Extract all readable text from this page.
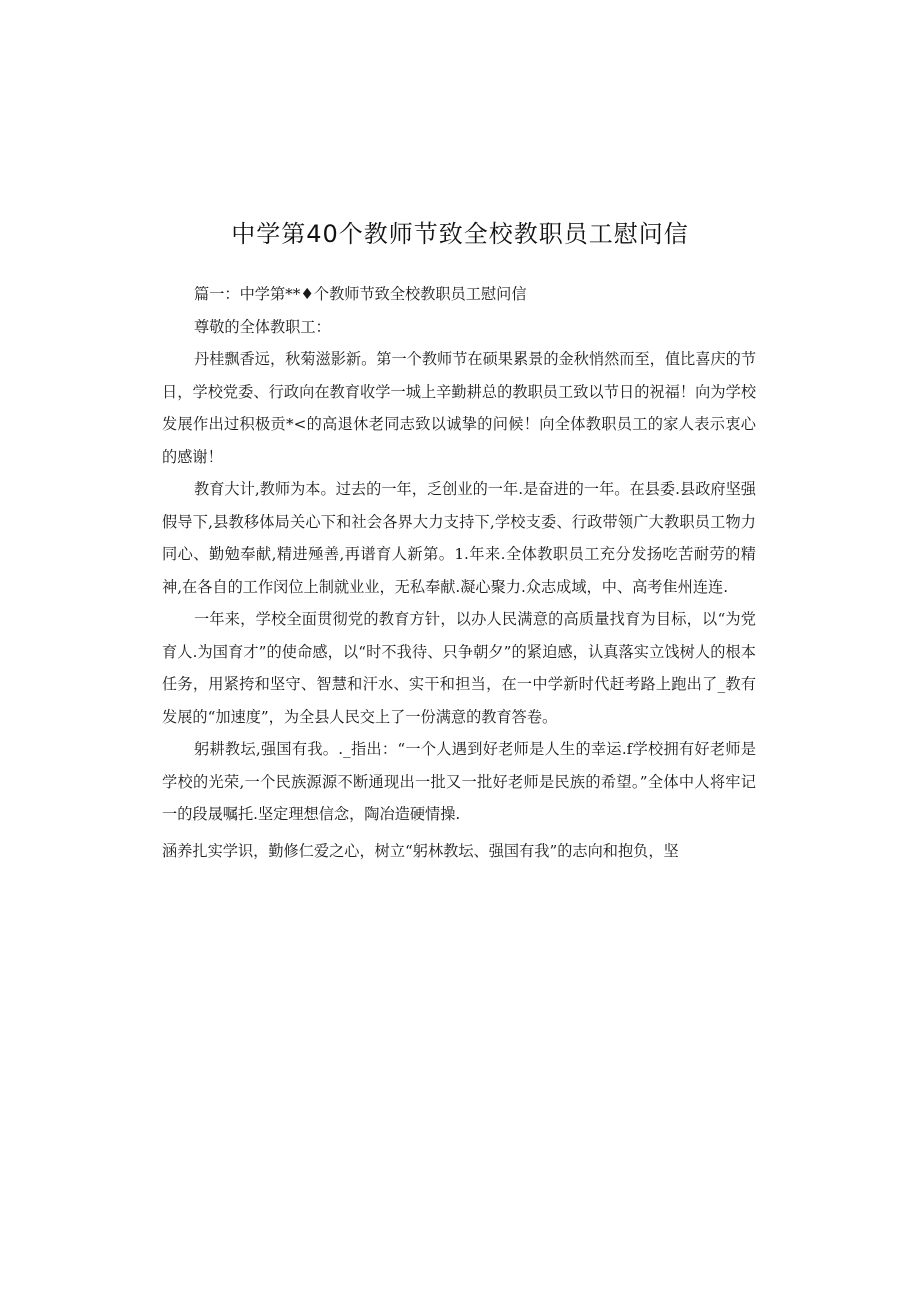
中学第40个教师节致全校教职员工慰问信

篇一：中学第**♦个教师节致全校教职员工慰问信

尊敬的全体教职工：

丹桂飘香远，秋菊滋影新。第一个教师节在硕果累景的金秋悄然而至，值比喜庆的节日，学校党委、行政向在教育收学一城上辛勤耕总的教职员工致以节日的祝福！向为学校发展作出过积极贡*<的高退休老同志致以诚挚的问候！向全体教职员工的家人表示衷心的感谢！

教育大计,教师为本。过去的一年，乏创业的一年.是奋进的一年。在县委.县政府坚强假导下,县教移体局关心下和社会各界大力支持下,学校支委、行政带领广大教职员工物力同心、勤勉奉献,精进殛善,再谱育人新第。1.年来.全体教职员工充分发扬吃苦耐劳的精神,在各自的工作闵位上制就业业，无私奉献.凝心聚力.众志成域，中、高考隹州连连.

一年来，学校全面贯彻党的教育方针，以办人民满意的高质量找育为目标，以“为党育人.为国育才”的使命感，以“时不我待、只争朝夕”的紧迫感，认真落实立饯树人的根本任务，用紧挎和坚守、智慧和汗水、实干和担当，在一中学新时代赶考路上跑出了_教有发展的“加速度”，为全县人民交上了一份满意的教育答卷。

躬耕教坛,强国有我。._指出：“一个人遇到好老师是人生的幸运.f学校拥有好老师是学校的光荣,一个民族源源不断通现出一批又一批好老师是民族的希望。”全体中人将牢记一的段晟嘱托.坚定理想信念，陶冶造硬情操.

涵养扎实学识，勤修仁爱之心，树立“躬林教坛、强国有我”的志向和抱负，坚
